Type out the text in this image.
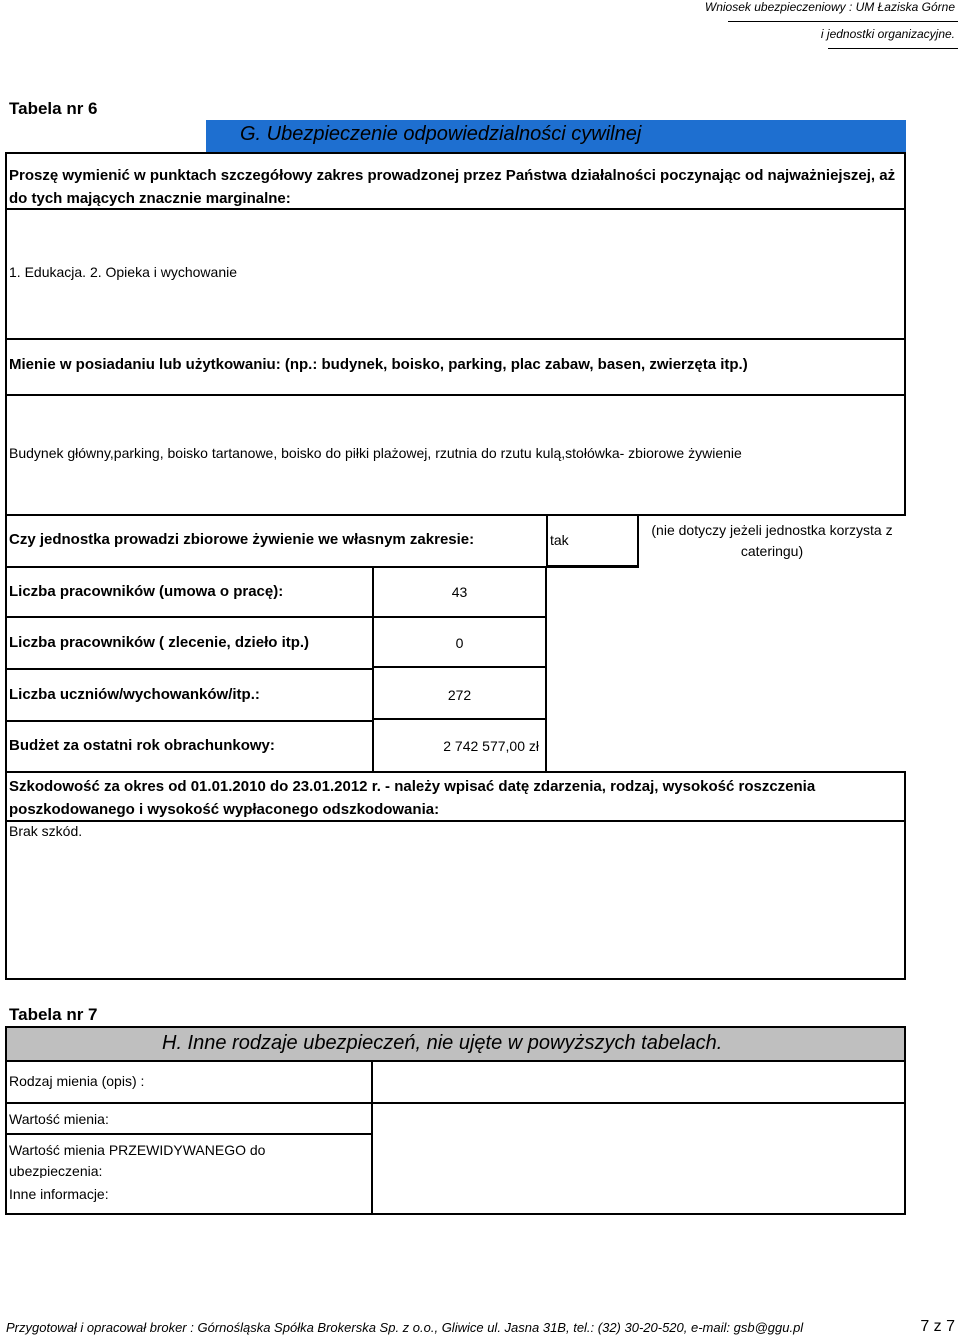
Wniosek ubezpieczeniowy : UM Łaziska Górne
i jednostki organizacyjne.
Tabela nr 6
G. Ubezpieczenie odpowiedzialności cywilnej
Proszę wymienić w punktach szczegółowy zakres prowadzonej przez Państwa działalności poczynając od najważniejszej, aż do tych mających znacznie marginalne:
1. Edukacja. 2. Opieka i wychowanie
Mienie w posiadaniu lub użytkowaniu: (np.: budynek, boisko, parking, plac zabaw, basen, zwierzęta itp.)
Budynek główny,parking, boisko tartanowe, boisko do piłki plażowej, rzutnia do rzutu kulą,stołówka- zbiorowe żywienie
Czy jednostka prowadzi zbiorowe żywienie we własnym zakresie:	tak
(nie dotyczy jeżeli jednostka korzysta z cateringu)
Liczba pracowników (umowa o pracę):	43
Liczba pracowników ( zlecenie, dzieło itp.)	0
Liczba uczniów/wychowanków/itp.:	272
Budżet za ostatni rok obrachunkowy:	2 742 577,00 zł
Szkodowość za okres od 01.01.2010 do 23.01.2012 r. - należy wpisać datę zdarzenia, rodzaj, wysokość roszczenia poszkodowanego i wysokość wypłaconego odszkodowania:
Brak szkód.
Tabela nr 7
H. Inne rodzaje ubezpieczeń, nie ujęte w powyższych tabelach.
Rodzaj mienia (opis) :
Wartość mienia:
Wartość mienia PRZEWIDYWANEGO do ubezpieczenia:
Inne informacje:
Przygotował i opracował broker : Górnośląska Spółka Brokerska Sp. z o.o., Gliwice ul. Jasna 31B, tel.: (32) 30-20-520, e-mail: gsb@ggu.pl	7 z 7
